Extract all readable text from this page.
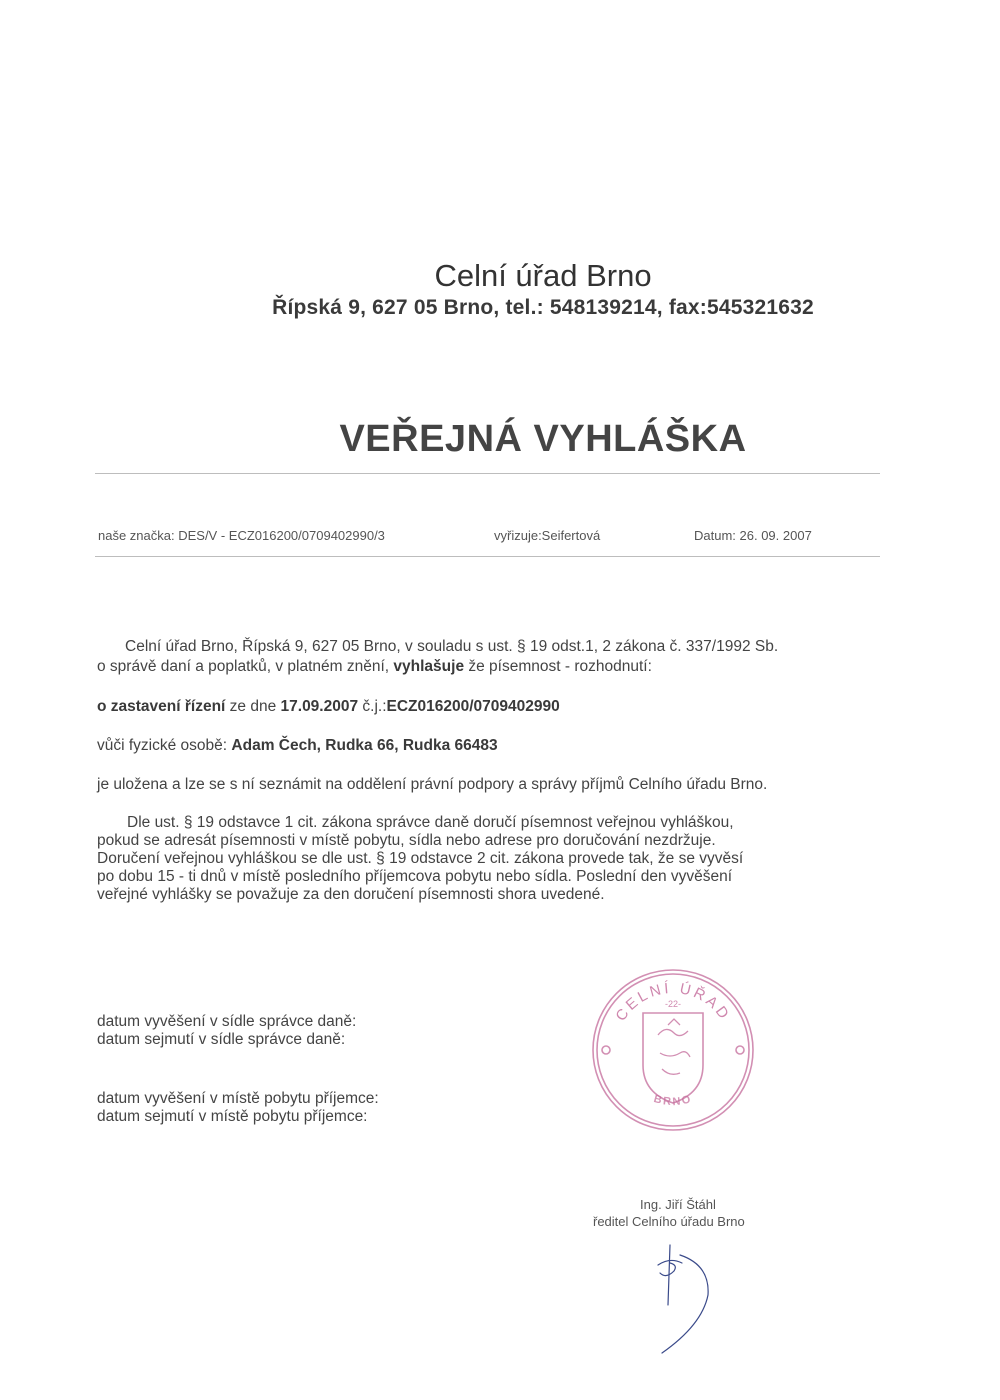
Celní úřad Brno
Řípská 9, 627 05 Brno, tel.: 548139214, fax:545321632
VEŘEJNÁ VYHLÁŠKA
naše značka: DES/V - ECZ016200/0709402990/3	vyřizuje:Seifertová	Datum: 26. 09. 2007
Celní úřad Brno, Řípská 9, 627 05 Brno, v souladu s ust. § 19 odst.1, 2 zákona č. 337/1992 Sb.
o správě daní a poplatků, v platném znění, vyhlašuje že písemnost - rozhodnutí:
o zastavení řízení ze dne 17.09.2007 č.j.:ECZ016200/0709402990
vůči fyzické osobě: Adam Čech, Rudka 66, Rudka 66483
je uložena a lze se s ní seznámit na oddělení právní podpory a správy příjmů Celního úřadu Brno.
Dle ust. § 19 odstavce 1 cit. zákona správce daně doručí písemnost veřejnou vyhláškou,
pokud se adresát písemnosti v místě pobytu, sídla nebo adrese pro doručování nezdržuje.
Doručení veřejnou vyhláškou se dle ust. § 19 odstavce 2 cit. zákona provede tak, že se vyvěsí
po dobu 15 - ti dnů v místě posledního příjemcova pobytu nebo sídla. Poslední den vyvěšení
veřejné vyhlášky se považuje za den doručení písemnosti shora uvedené.
datum vyvěšení v sídle správce daně:
datum sejmutí v sídle správce daně:
datum vyvěšení v místě pobytu příjemce:
datum sejmutí v místě pobytu příjemce:
CELNÍ ÚŘAD
-22-
BRNO
Ing. Jiří Štáhl
ředitel Celního úřadu Brno
